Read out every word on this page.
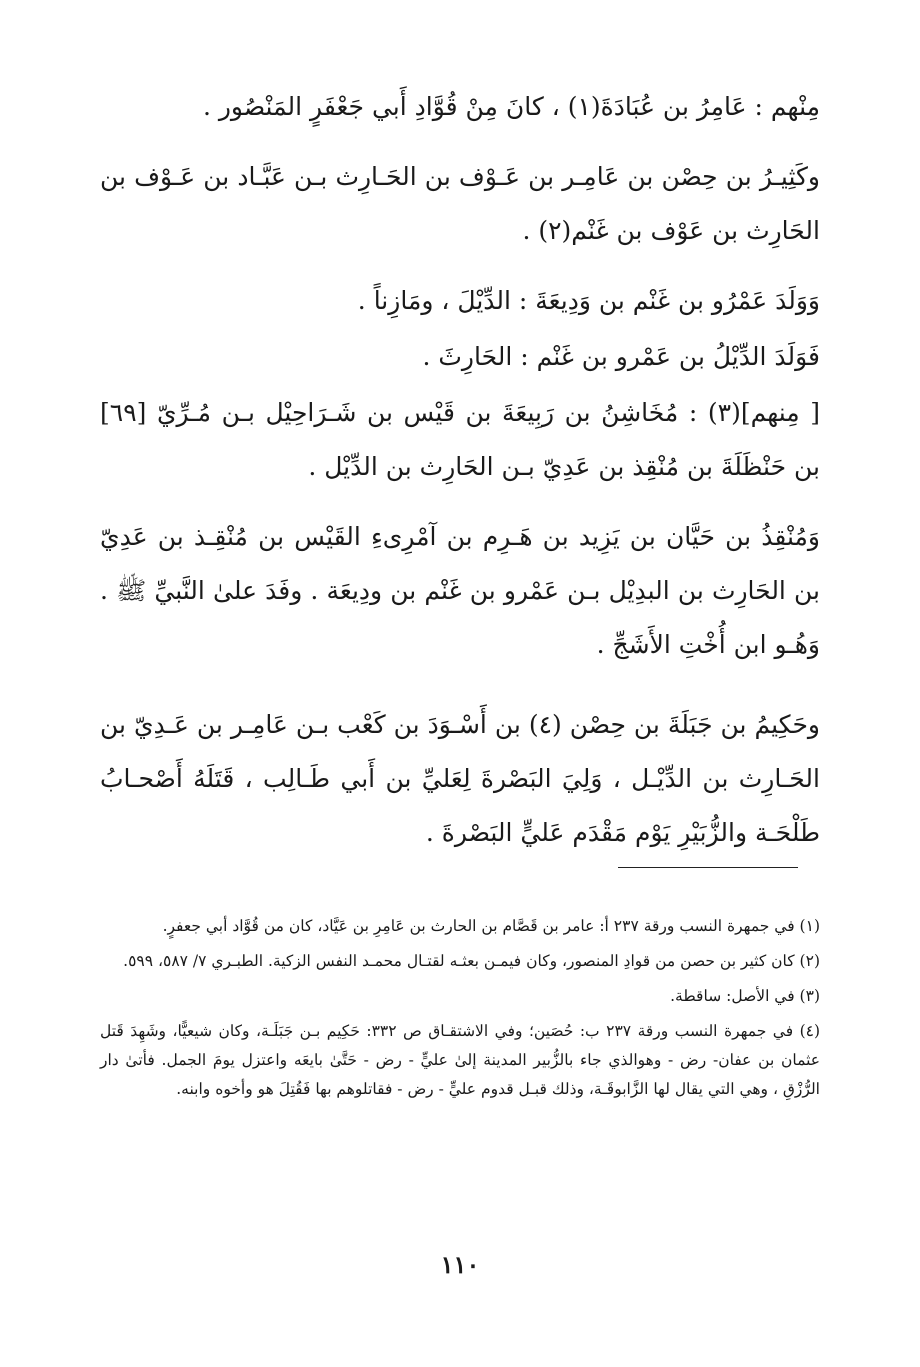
مِنْهم : عَامِرُ بن عُبَادَةَ(١) ، كانَ مِنْ قُوَّادِ أَبي جَعْفَرٍ المَنْصُور .

وكَثِيـرُ بن حِصْن بن عَامِـر بن عَـوْف بن الحَـارِث بـن عَبَّـاد بن عَـوْف بن الحَارِث بن عَوْف بن غَنْم(٢) .

وَوَلَدَ عَمْرُو بن غَنْم بن وَدِيعَةَ : الدِّيْلَ ، ومَازِناً .

فَوَلَدَ الدِّيْلُ بن عَمْرو بن غَنْم : الحَارِثَ .

[ مِنهم](٣) : مُخَاشِنُ بن رَبِيعَةَ بن قَيْس بن شَـرَاحِيْل بـن مُـرِّيّ [٦٩] بن حَنْظَلَةَ بن مُنْقِذ بن عَدِيّ بـن الحَارِث بن الدِّيْل .

وَمُنْقِذُ بن حَيَّان بن يَزِيد بن هَـرِم بن آمْرِىءِ القَيْس بن مُنْقِـذ بن عَدِيّ بن الحَارِث بن البدِيْل بـن عَمْرو بن غَنْم بن ودِيعَة . وفَدَ علىٰ النَّبيِّ ﷺ . وَهُـو ابن أُخْتِ الأَشَجِّ .

وحَكِيمُ بن جَبَلَةَ بن حِصْن (٤) بن أَسْـوَدَ بن كَعْب بـن عَامِـر بن عَـدِيّ بن الحَـارِث بن الدِّيْـل ، وَلِيَ البَصْرةَ لِعَليِّ بن أَبي طَـالِب ، قَتَلَهُ أَصْحـابُ طَلْحَـة والزُّبَيْرِ يَوْم مَقْدَم عَليٍّ البَصْرةَ .

(١) في جمهرة النسب ورقة ٢٣٧ أ: عامر بن قَصَّام بن الحارث بن عَامِرِ بن عَيَّاد، كان من قُوَّاد أبي جعفرٍ.

(٢) كان كثير بن حصن من قوادِ المنصور، وكان فيمـن بعثـه لقتـال محمـد النفس الزكية. الطبـري ٧/ ٥٨٧، ٥٩٩.

(٣) في الأصل: ساقطة.

(٤) في جمهرة النسب ورقة ٢٣٧ ب: حُصَين؛ وفي الاشتقـاق ص ٣٣٢: حَكِيم بـن جَبَلَـة، وكان شيعيًّا، وشَهِدَ قَتل عثمان بن عفان- رض - وهوالذي جاء بالزُّبير المدينة إلىٰ عليٍّ - رض - حَتَّىٰ بايعَه واعتزل يومَ الجمل. فأتىٰ دار الرُّزْقِ ، وهي التي يقال لها الزَّابوقَـة، وذلك قبـل قدوم عليٍّ - رض - فقاتلوهم بها فَقُتِلَ هو وأخوه وابنه.

١١٠
